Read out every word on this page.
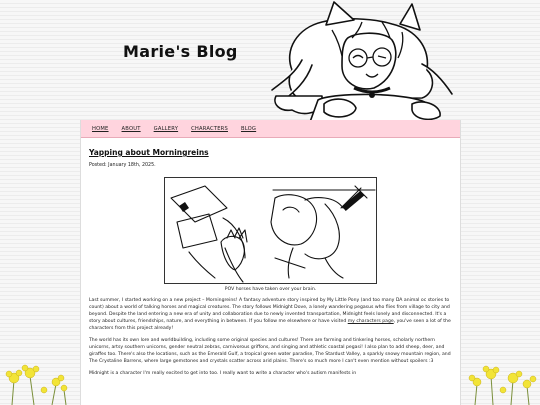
Marie's Blog
HOME	ABOUT	GALLERY	CHARACTERS	BLOG
Yapping about Morningreins

Posted: January 18th, 2025.

POV horses have taken over your brain.

Last summer, I started working on a new project – Morningreins! A fantasy adventure story inspired by My Little Pony (and too many DA animal oc stories to count) about a world of talking horses and magical creatures. The story follows Midnight Dove, a lonely wandering pegasus who flies from village to city and beyond. Despite the land entering a new era of unity and collaboration due to newly invented transportation, Midnight feels lonely and disconnected. It's a story about cultures, friendships, nature, and everything in between. If you follow me elsewhere or have visited my characters page, you've seen a lot of the characters from this project already!

The world has its own lore and worldbuilding, including some original species and cultures! There are farming and tinkering horses, scholarly northern unicorns, artsy southern unicorns, gender neutral zebras, carnivorous griffons, and singing and athletic coastal pegasi! I also plan to add sheep, deer, and giraffes too. There's also the locations, such as the Emerald Gulf, a tropical green water paradise, The Stardust Valley, a sparkly snowy mountain region, and The Crystaline Barrens, where large gemstones and crystals scatter across arid plains. There's so much more I can't even mention without spoilers :3

Midnight is a character I'm really excited to get into too. I really want to write a character who's autism manifests in
